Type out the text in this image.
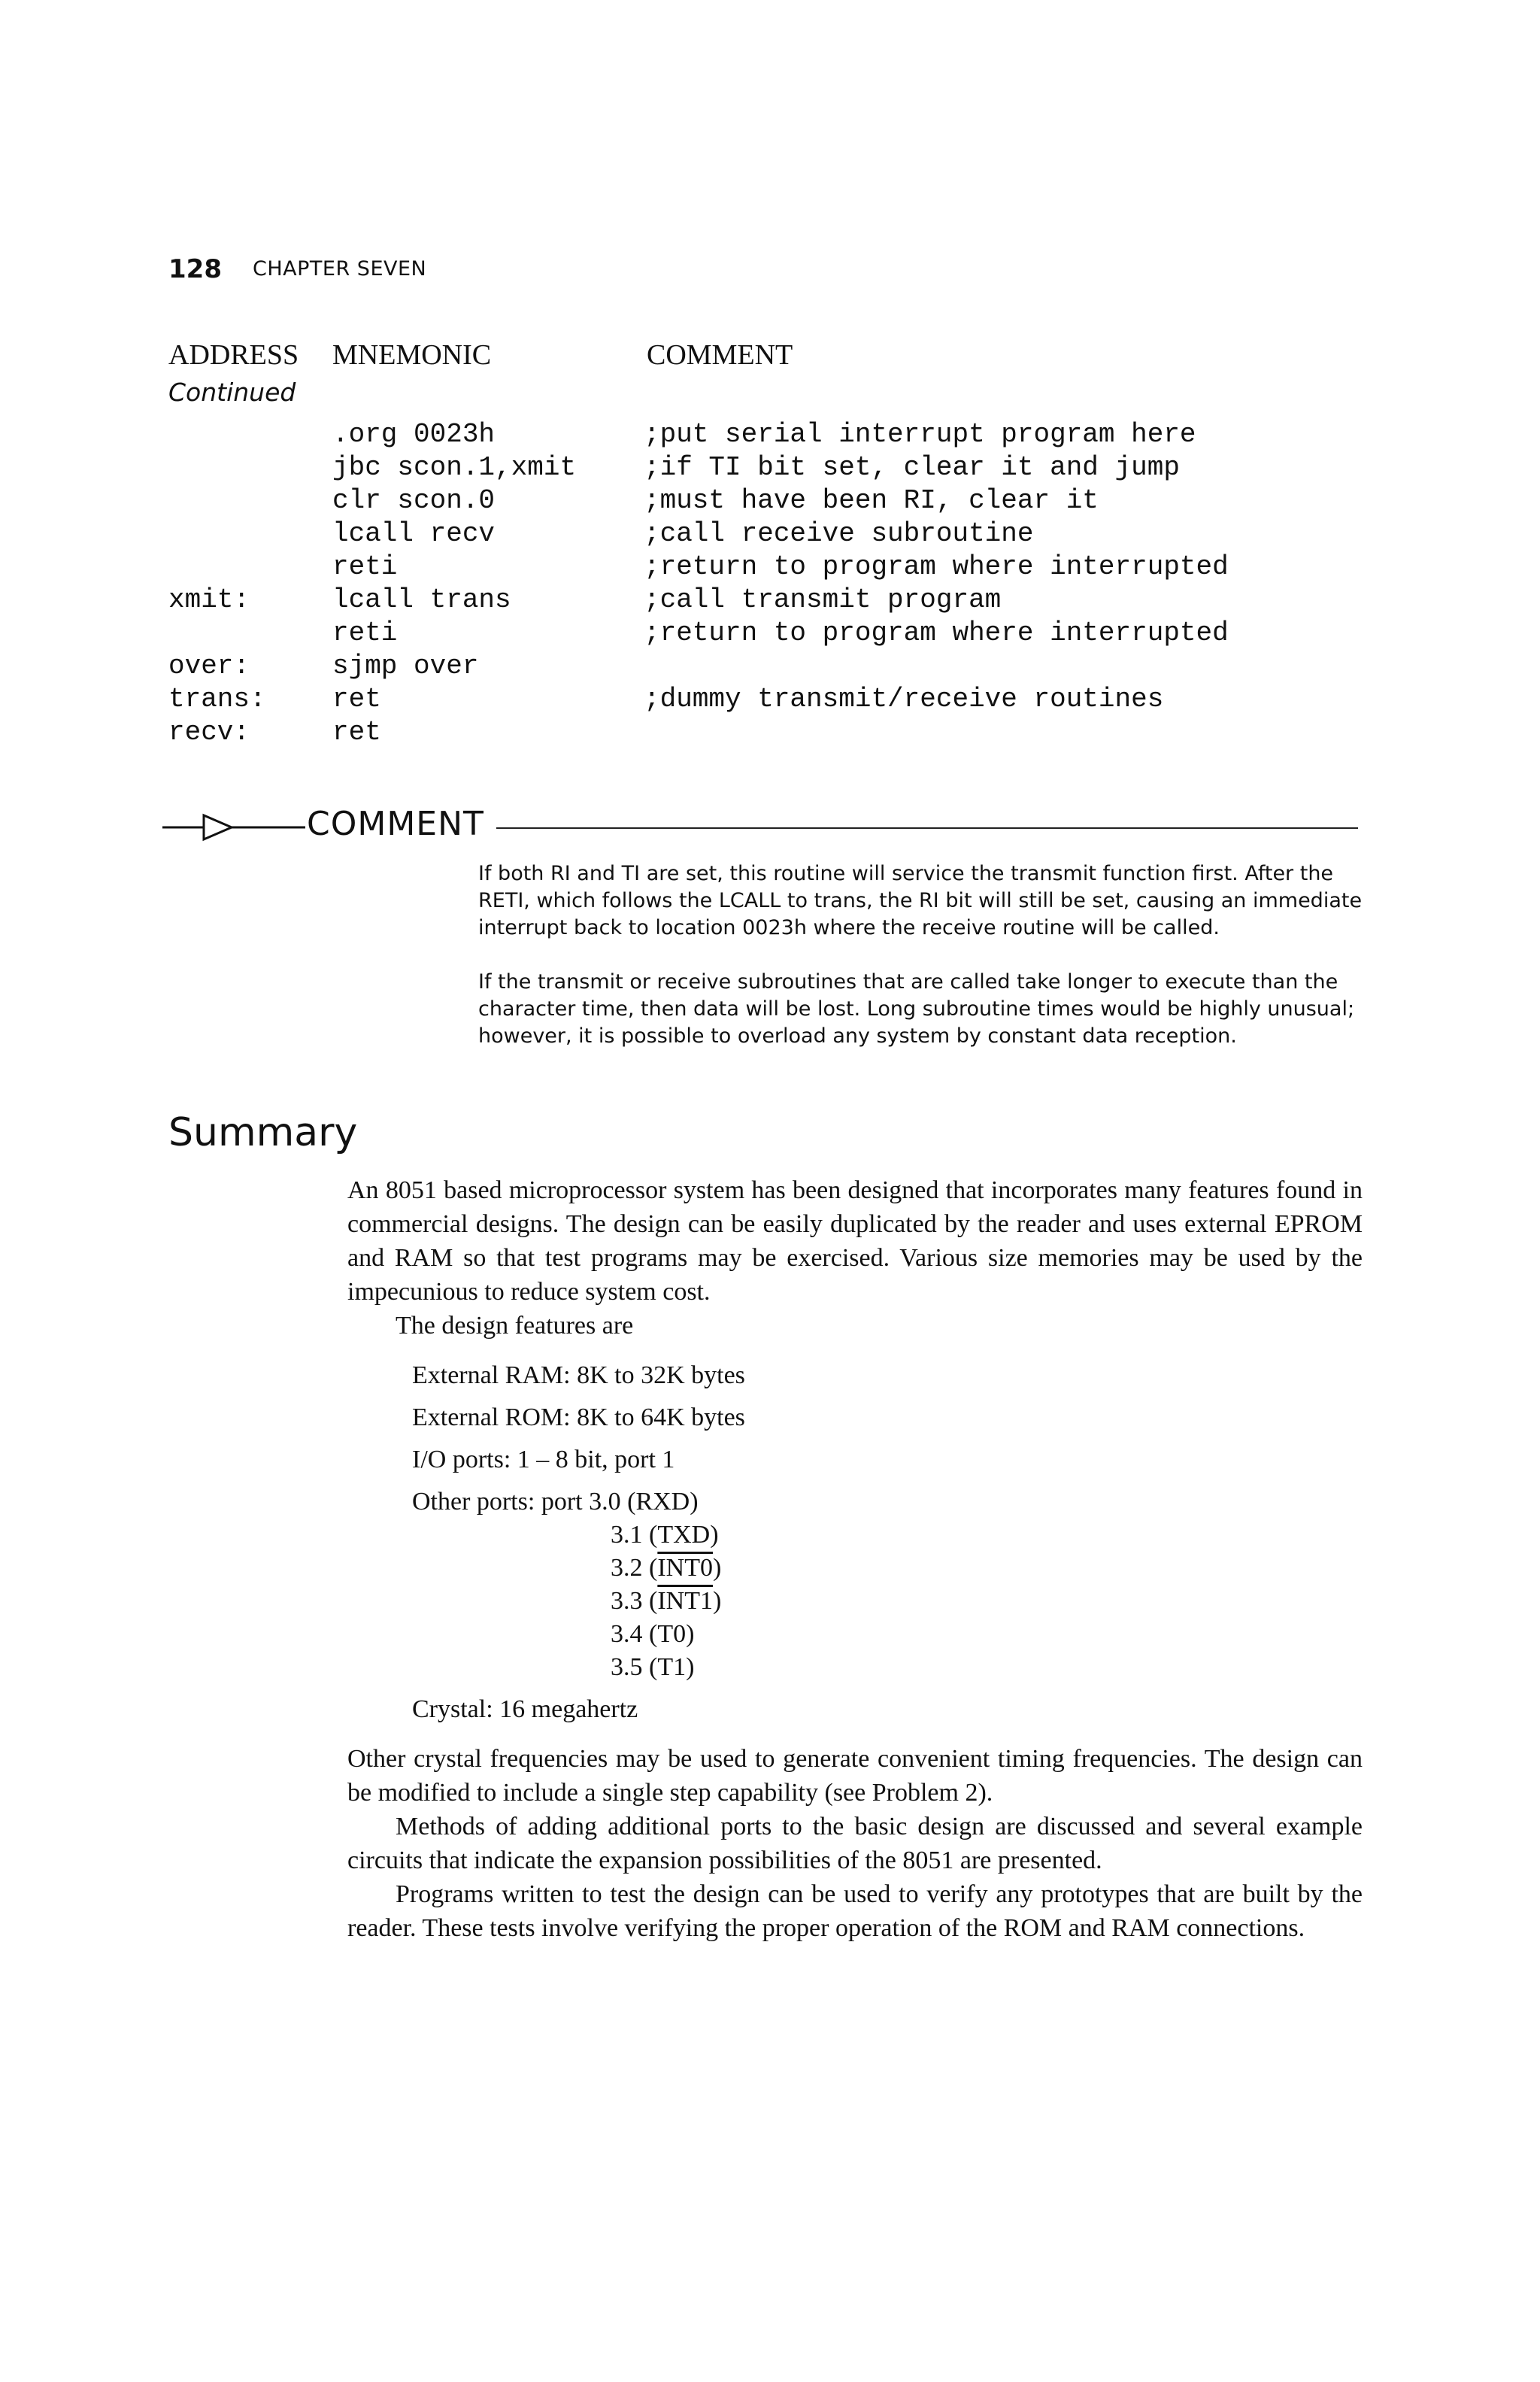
128 CHAPTER SEVEN
ADDRESS MNEMONIC	COMMENT
Continued
.org 0023h	;put serial interrupt program here
jbc scon.1,xmit ;if TI bit set, clear it and jump
clr scon.0	;must have been RI, clear it
lcall recv	;call receive subroutine
reti	;return to program where interrupted
xmit:	lcall trans	;call transmit program
reti	;return to program where interrupted
over:	sjmp over
trans: ret	;dummy transmit/receive routines
recv:	ret
COMMENT

If both RI and TI are set, this routine will service the transmit function first. After the RETI, which follows the LCALL to trans, the RI bit will still be set, causing an immediate interrupt back to location 0023h where the receive routine will be called.

If the transmit or receive subroutines that are called take longer to execute than the character time, then data will be lost. Long subroutine times would be highly unusual; however, it is possible to overload any system by constant data reception.

Summary

An 8051 based microprocessor system has been designed that incorporates many features found in commercial designs. The design can be easily duplicated by the reader and uses external EPROM and RAM so that test programs may be exercised. Various size memories may be used by the impecunious to reduce system cost.

The design features are
External RAM: 8K to 32K bytes
External ROM: 8K to 64K bytes
I/O ports: 1 – 8 bit, port 1
Other ports: port 3.0 (RXD)
3.1 (TXD)
3.2 (INT0)
3.3 (INT1)
3.4 (T0)
3.5 (T1)
Crystal: 16 megahertz

Other crystal frequencies may be used to generate convenient timing frequencies. The design can be modified to include a single step capability (see Problem 2).

Methods of adding additional ports to the basic design are discussed and several example circuits that indicate the expansion possibilities of the 8051 are presented.

Programs written to test the design can be used to verify any prototypes that are built by the reader. These tests involve verifying the proper operation of the ROM and RAM connections.
